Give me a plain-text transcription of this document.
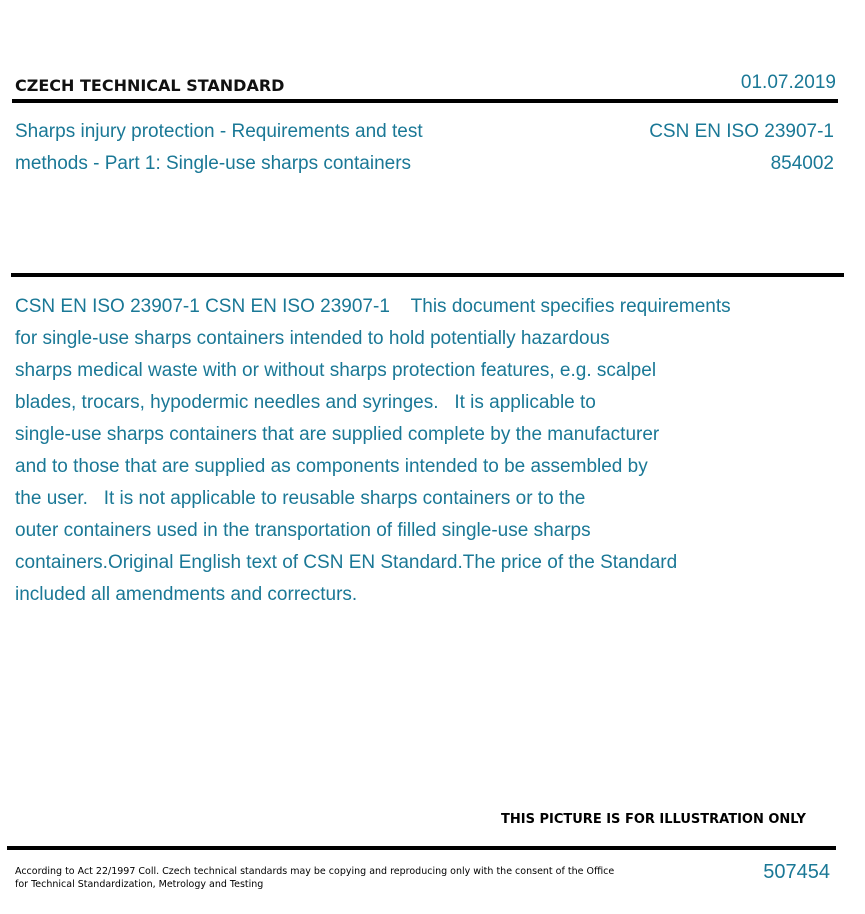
CZECH TECHNICAL STANDARD	01.07.2019
Sharps injury protection - Requirements and test
methods - Part 1: Single-use sharps containers
CSN EN ISO 23907-1
854002
CSN EN ISO 23907-1 CSN EN ISO 23907-1    This document specifies requirements
for single-use sharps containers intended to hold potentially hazardous
sharps medical waste with or without sharps protection features, e.g. scalpel
blades, trocars, hypodermic needles and syringes.   It is applicable to
single-use sharps containers that are supplied complete by the manufacturer
and to those that are supplied as components intended to be assembled by
the user.   It is not applicable to reusable sharps containers or to the
outer containers used in the transportation of filled single-use sharps
containers.Original English text of CSN EN Standard.The price of the Standard
included all amendments and correcturs.
THIS PICTURE IS FOR ILLUSTRATION ONLY
According to Act 22/1997 Coll. Czech technical standards may be copying and reproducing only with the consent of the Office
for Technical Standardization, Metrology and Testing
507454
